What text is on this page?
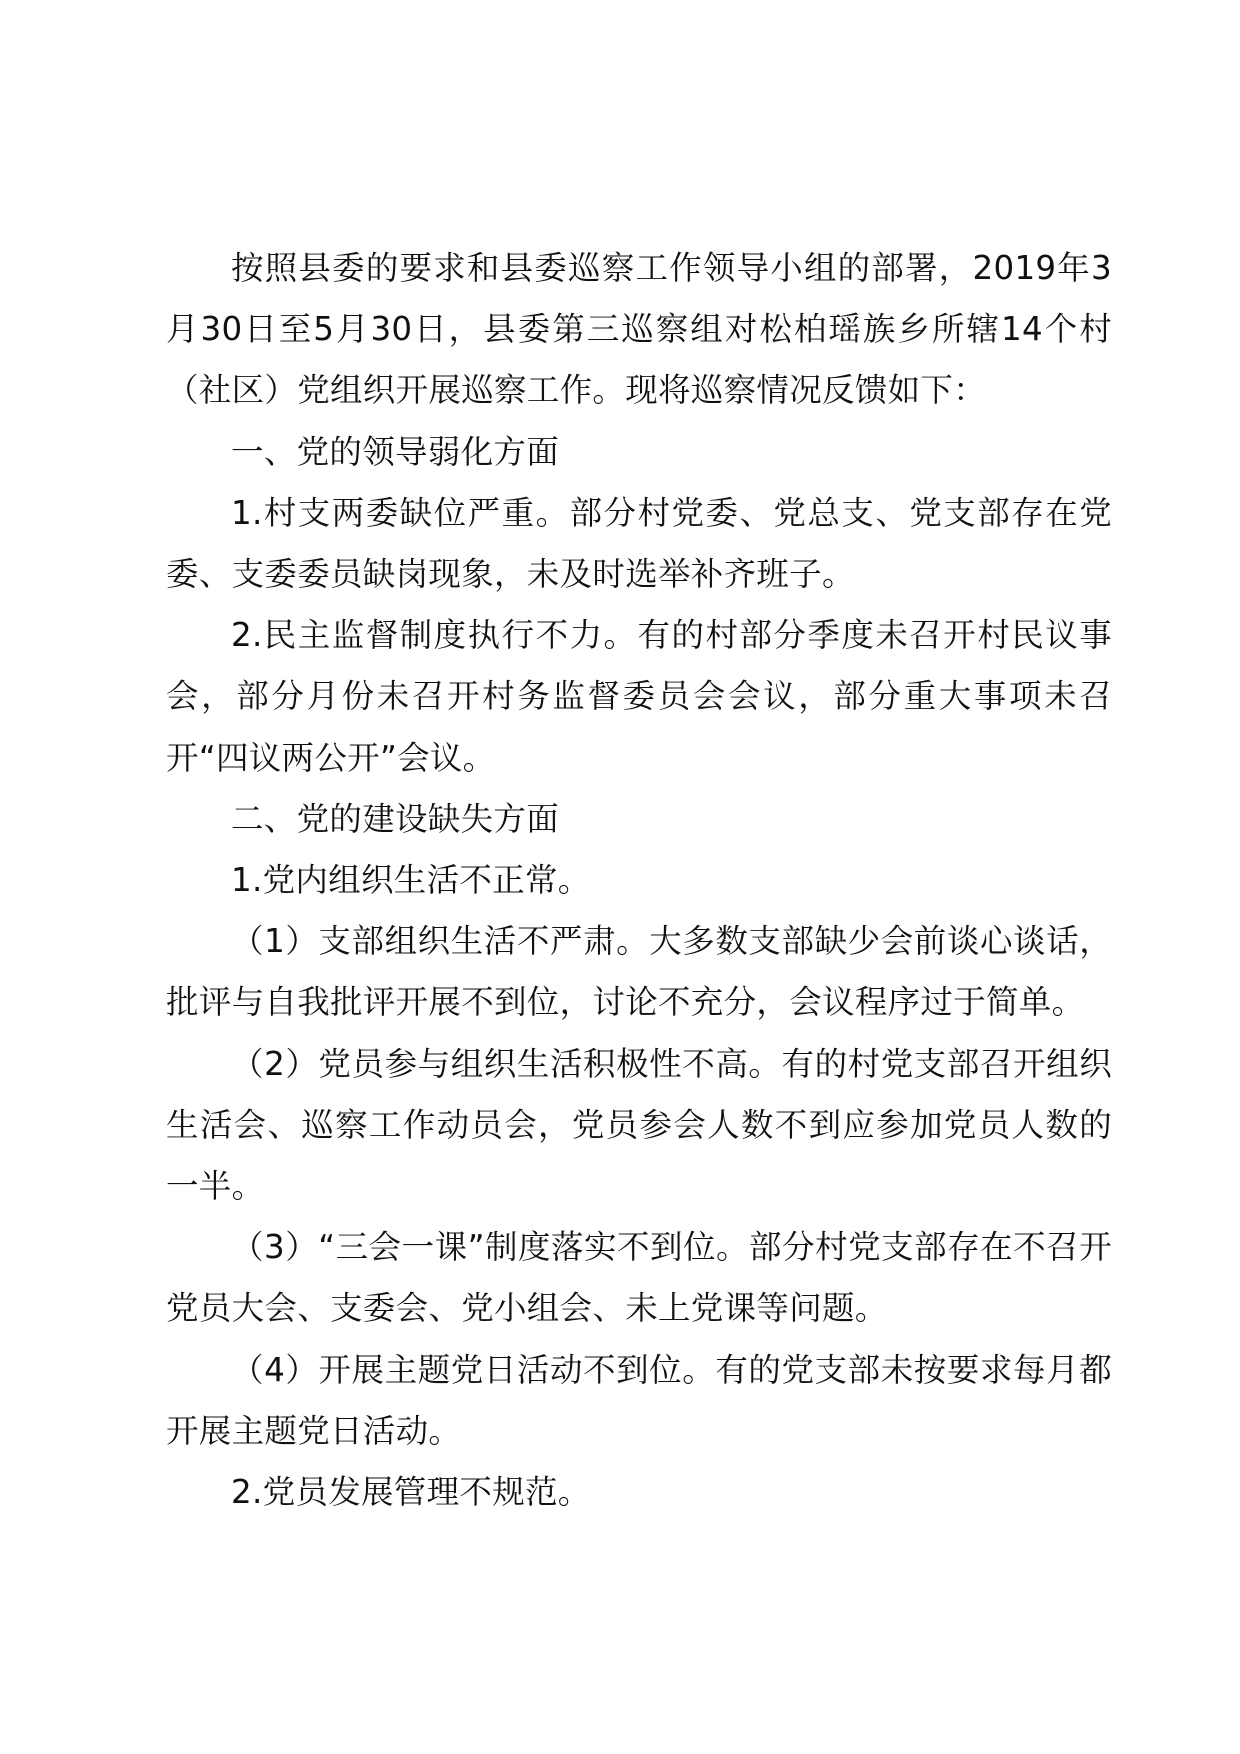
按照县委的要求和县委巡察工作领导小组的部署，2019年3月30日至5月30日，县委第三巡察组对松柏瑶族乡所辖14个村（社区）党组织开展巡察工作。现将巡察情况反馈如下：

一、党的领导弱化方面

1.村支两委缺位严重。部分村党委、党总支、党支部存在党委、支委委员缺岗现象，未及时选举补齐班子。

2.民主监督制度执行不力。有的村部分季度未召开村民议事会，部分月份未召开村务监督委员会会议，部分重大事项未召开“四议两公开”会议。

二、党的建设缺失方面

1.党内组织生活不正常。

（1）支部组织生活不严肃。大多数支部缺少会前谈心谈话，批评与自我批评开展不到位，讨论不充分，会议程序过于简单。

（2）党员参与组织生活积极性不高。有的村党支部召开组织生活会、巡察工作动员会，党员参会人数不到应参加党员人数的一半。

（3）“三会一课”制度落实不到位。部分村党支部存在不召开党员大会、支委会、党小组会、未上党课等问题。

（4）开展主题党日活动不到位。有的党支部未按要求每月都开展主题党日活动。

2.党员发展管理不规范。
